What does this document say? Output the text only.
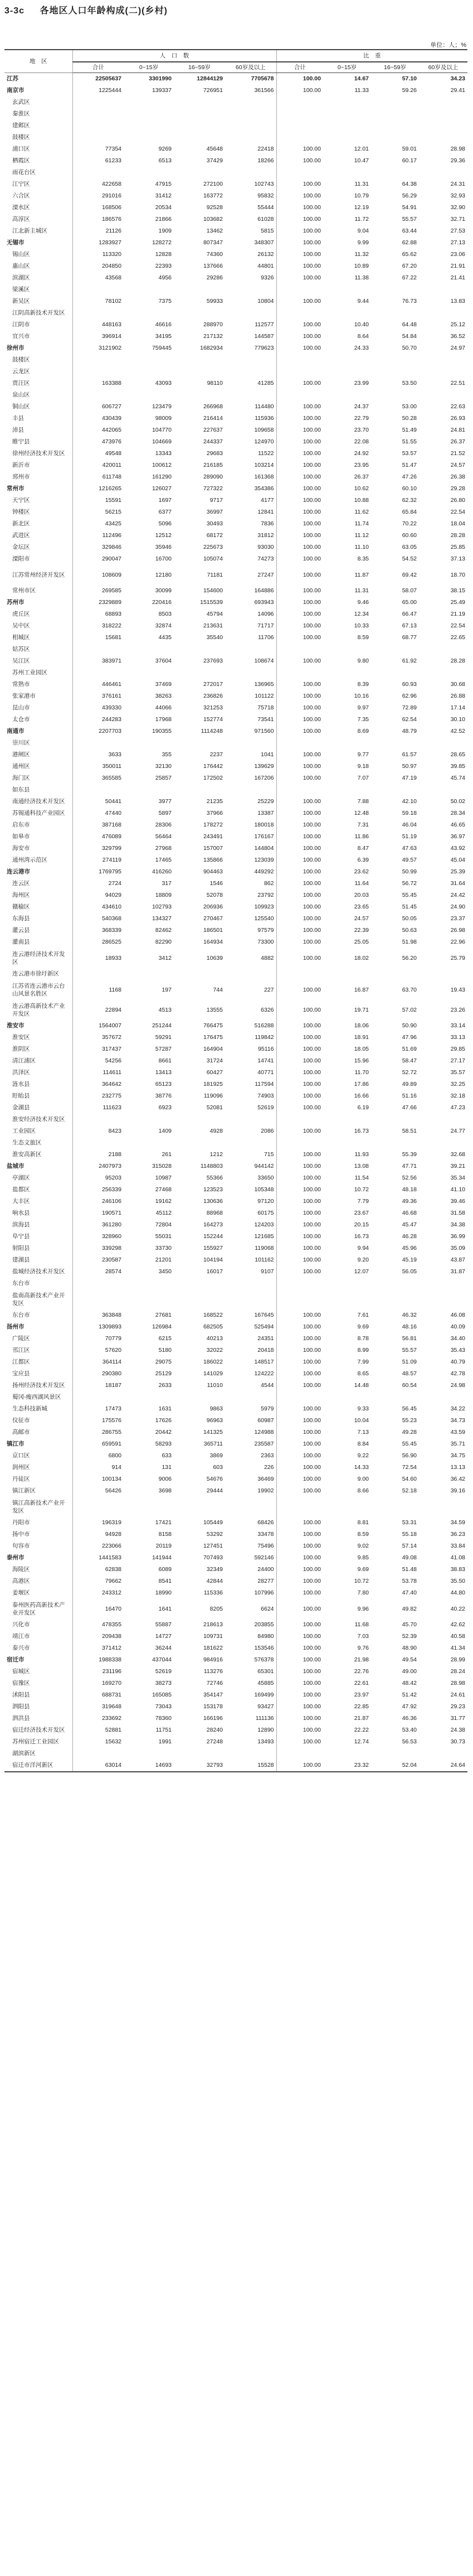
3-3c 各地区人口年龄构成(二)(乡村)
单位：人；%
地　区	人　口　数				比　重			
	合计	0~15岁	16~59岁	60岁及以上	合计	0~15岁	16~59岁	60岁及以上
江苏	22505637	3301990	12844129	7705678	100.00	14.67	57.10	34.23
南京市	1225444	139337	726951	361566	100.00	11.33	59.26	29.41
玄武区								
秦淮区								
建邺区								
鼓楼区								
浦口区	77354	9269	45648	22418	100.00	12.01	59.01	28.98
栖霞区	61233	6513	37429	18266	100.00	10.47	60.17	29.36
雨花台区								
江宁区	422658	47915	272100	102743	100.00	11.31	64.38	24.31
六合区	291016	31412	163772	95832	100.00	10.79	56.29	32.93
溧水区	168506	20534	92528	55444	100.00	12.19	54.91	32.90
高淳区	186576	21866	103682	61028	100.00	11.72	55.57	32.71
江北新主城区	21126	1909	13462	5815	100.00	9.04	63.44	27.53
无锡市	1283927	128272	807347	348307	100.00	9.99	62.88	27.13
锡山区	113320	12828	74360	26132	100.00	11.32	65.62	23.06
惠山区	204850	22393	137666	44801	100.00	10.89	67.20	21.91
滨湖区	43568	4956	29286	9326	100.00	11.38	67.22	21.41
梁溪区								
新吴区	78102	7375	59933	10804	100.00	9.44	76.73	13.83
江阴高新技术开发区								
江阴市	448163	46616	288970	112577	100.00	10.40	64.48	25.12
宜兴市	396914	34195	217132	144587	100.00	8.64	54.84	36.52
徐州市	3121902	759445	1682934	779623	100.00	24.33	50.70	24.97
鼓楼区								
云龙区								
贾汪区	163388	43093	98110	41285	100.00	23.99	53.50	22.51
泉山区								
铜山区	606727	123479	266968	114480	100.00	24.37	53.00	22.63
丰县	430439	98009	216414	115936	100.00	22.79	50.28	26.93
沛县	442065	104770	227637	109658	100.00	23.70	51.49	24.81
睢宁县	473976	104669	244337	124970	100.00	22.08	51.55	26.37
徐州经济技术开发区	49548	13343	29683	11522	100.00	24.92	53.57	21.52
新沂市	420011	100612	216185	103214	100.00	23.95	51.47	24.57
邳州市	611748	161290	289090	161368	100.00	26.37	47.26	26.38
常州市	1216265	126027	727322	354386	100.00	10.62	60.10	29.28
天宁区	15591	1697	9717	4177	100.00	10.88	62.32	26.80
钟楼区	56215	6377	36997	12841	100.00	11.62	65.84	22.54
新北区	43425	5096	30493	7836	100.00	11.74	70.22	18.04
武进区	112496	12512	68172	31812	100.00	11.12	60.60	28.28
金坛区	329846	35946	225673	93030	100.00	11.10	63.05	25.85
溧阳市	290047	16700	105074	74273	100.00	8.35	54.52	37.13
江苏常州经济开发区	108609	12180	71181	27247	100.00	11.87	69.42	18.70
常州市区	269585	30099	154600	164886	100.00	11.31	58.07	38.15
苏州市	2329889	220416	1515539	693943	100.00	9.46	65.00	25.49
虎丘区	68893	8503	45794	14096	100.00	12.34	66.47	21.19
吴中区	318222	32874	213631	71717	100.00	10.33	67.13	22.54
相城区	15681	4435	35540	11706	100.00	8.59	68.77	22.65
姑苏区								
吴江区	383971	37604	237693	108674	100.00	9.80	61.92	28.28
苏州工业园区								
常熟市	446461	37469	272017	136965	100.00	8.39	60.93	30.68
张家港市	376161	38263	236826	101122	100.00	10.16	62.96	26.88
昆山市	439330	44066	321253	75718	100.00	9.97	72.89	17.14
太仓市	244283	17968	152774	73541	100.00	7.35	62.54	30.10
南通市	2207703	190355	1114248	971560	100.00	8.69	48.79	42.52
崇川区								
港闸区	3633	355	2237	1041	100.00	9.77	61.57	28.65
通州区	350011	32130	176442	139629	100.00	9.18	50.97	39.85
海门区	365585	25857	172502	167206	100.00	7.07	47.19	45.74
如东县								
南通经济技术开发区	50441	3977	21235	25229	100.00	7.88	42.10	50.02
苏锡通科技产业园区	47440	5897	37966	13387	100.00	12.48	59.18	28.34
启东市	387168	28306	178272	180018	100.00	7.31	46.04	46.65
如皋市	476089	56464	243491	176167	100.00	11.86	51.19	36.97
海安市	329799	27968	157007	144804	100.00	8.47	47.63	43.92
通州湾示范区	274119	17465	135866	123039	100.00	6.39	49.57	45.04
连云港市	1769795	416260	904463	449292	100.00	23.62	50.99	25.39
连云区	2724	317	1546	862	100.00	11.64	56.72	31.64
海州区	94029	18809	52078	23792	100.00	20.03	55.45	24.42
赣榆区	434610	102793	206936	109923	100.00	23.65	51.45	24.90
东海县	540368	134327	270467	125540	100.00	24.57	50.05	23.37
灌云县	368339	82462	186501	97579	100.00	22.39	50.63	26.98
灌南县	286525	82290	164934	73300	100.00	25.05	51.98	22.96
连云港经济技术开发区	18933	3412	10639	4882	100.00	18.02	56.20	25.79
连云港市徐圩新区								
江苏省连云港市云台山风景名胜区	1168	197	744	227	100.00	16.87	63.70	19.43
连云港高新技术产业开发区	22894	4513	13555	6326	100.00	19.71	57.02	23.26
淮安市	1564007	251244	766475	516288	100.00	18.06	50.90	33.14
淮安区	357672	59291	176475	119842	100.00	18.91	47.96	33.13
淮阴区	317437	57287	164904	95116	100.00	18.05	51.69	29.85
清江浦区	54256	8661	31724	14741	100.00	15.96	58.47	27.17
洪泽区	114611	13413	60427	40771	100.00	11.70	52.72	35.57
涟水县	364642	65123	181925	117594	100.00	17.86	49.89	32.25
盱眙县	232775	38776	119096	74903	100.00	16.66	51.16	32.18
金湖县	111623	6923	52081	52619	100.00	6.19	47.66	47.23
淮安经济技术开发区								
工业园区	8423	1409	4928	2086	100.00	16.73	58.51	24.77
生态文旅区								
淮安高新区	2188	261	1212	715	100.00	11.93	55.39	32.68
盐城市	2407973	315028	1148803	944142	100.00	13.08	47.71	39.21
亭湖区	95203	10987	55366	33650	100.00	11.54	52.56	35.34
盐都区	256339	27468	123523	105348	100.00	10.72	48.18	41.10
大丰区	246106	19162	130636	97120	100.00	7.79	49.36	39.46
响水县	190571	45112	88968	60175	100.00	23.67	46.68	31.58
滨海县	361280	72804	164273	124203	100.00	20.15	45.47	34.38
阜宁县	328960	55031	152244	121685	100.00	16.73	46.28	36.99
射阳县	339298	33730	155927	119068	100.00	9.94	45.96	35.09
建湖县	230587	21201	104194	101162	100.00	9.20	45.19	43.87
盐城经济技术开发区	28574	3450	16017	9107	100.00	12.07	56.05	31.87
东台市								
盐南高新技术产业开发区								
东台市	363848	27681	168522	167645	100.00	7.61	46.32	46.08
扬州市	1309893	126984	682505	525494	100.00	9.69	48.16	40.09
广陵区	70779	6215	40213	24351	100.00	8.78	56.81	34.40
邗江区	57620	5180	32022	20418	100.00	8.99	55.57	35.43
江都区	364114	29075	186022	148517	100.00	7.99	51.09	40.79
宝应县	290380	25129	141029	124222	100.00	8.65	48.57	42.78
扬州经济技术开发区	18187	2633	11010	4544	100.00	14.48	60.54	24.98
蜀冈-瘦西湖风景区								
生态科技新城	17473	1631	9863	5979	100.00	9.33	56.45	34.22
仪征市	175576	17626	96963	60987	100.00	10.04	55.23	34.73
高邮市	286755	20442	141325	124988	100.00	7.13	49.28	43.59
镇江市	659591	58293	365711	235587	100.00	8.84	55.45	35.71
京口区	6800	633	3869	2363	100.00	9.22	56.90	34.75
润州区	914	131	603	226	100.00	14.33	72.54	13.13
丹徒区	100134	9006	54676	36469	100.00	9.00	54.60	36.42
镇江新区	56426	3698	29444	19902	100.00	8.66	52.18	39.16
镇江高新技术产业开发区								
丹阳市	196319	17421	105449	68426	100.00	8.81	53.31	34.59
扬中市	94928	8158	53292	33478	100.00	8.59	55.18	36.23
句容市	223066	20119	127451	75496	100.00	9.02	57.14	33.84
泰州市	1441583	141944	707493	592146	100.00	9.85	49.08	41.08
海陵区	62838	6089	32349	24400	100.00	9.69	51.48	38.83
高港区	79662	8541	42844	28277	100.00	10.72	53.78	35.50
姜堰区	243312	18990	115336	107996	100.00	7.80	47.40	44.80
泰州医药高新技术产业开发区	16470	1641	8205	6624	100.00	9.96	49.82	40.22
兴化市	478355	55887	218613	203855	100.00	11.68	45.70	42.62
靖江市	209438	14727	109731	84980	100.00	7.03	52.39	40.58
泰兴市	371412	36244	181622	153546	100.00	9.76	48.90	41.34
宿迁市	1988338	437044	984916	576378	100.00	21.98	49.54	28.99
宿城区	231196	52619	113276	65301	100.00	22.76	49.00	28.24
宿豫区	169270	38273	72746	45885	100.00	22.61	48.42	28.98
沭阳县	688731	165085	354147	169499	100.00	23.97	51.42	24.61
泗阳县	319648	73043	153178	93427	100.00	22.85	47.92	29.23
泗洪县	233692	78360	166196	111136	100.00	21.87	46.36	31.77
宿迁经济技术开发区	52881	11751	28240	12890	100.00	22.22	53.40	24.38
苏州宿迁工业园区	15632	1991	27248	13493	100.00	12.74	56.53	30.73
湖滨新区								
宿迁市洋河新区	63014	14693	32793	15528	100.00	23.32	52.04	24.64
